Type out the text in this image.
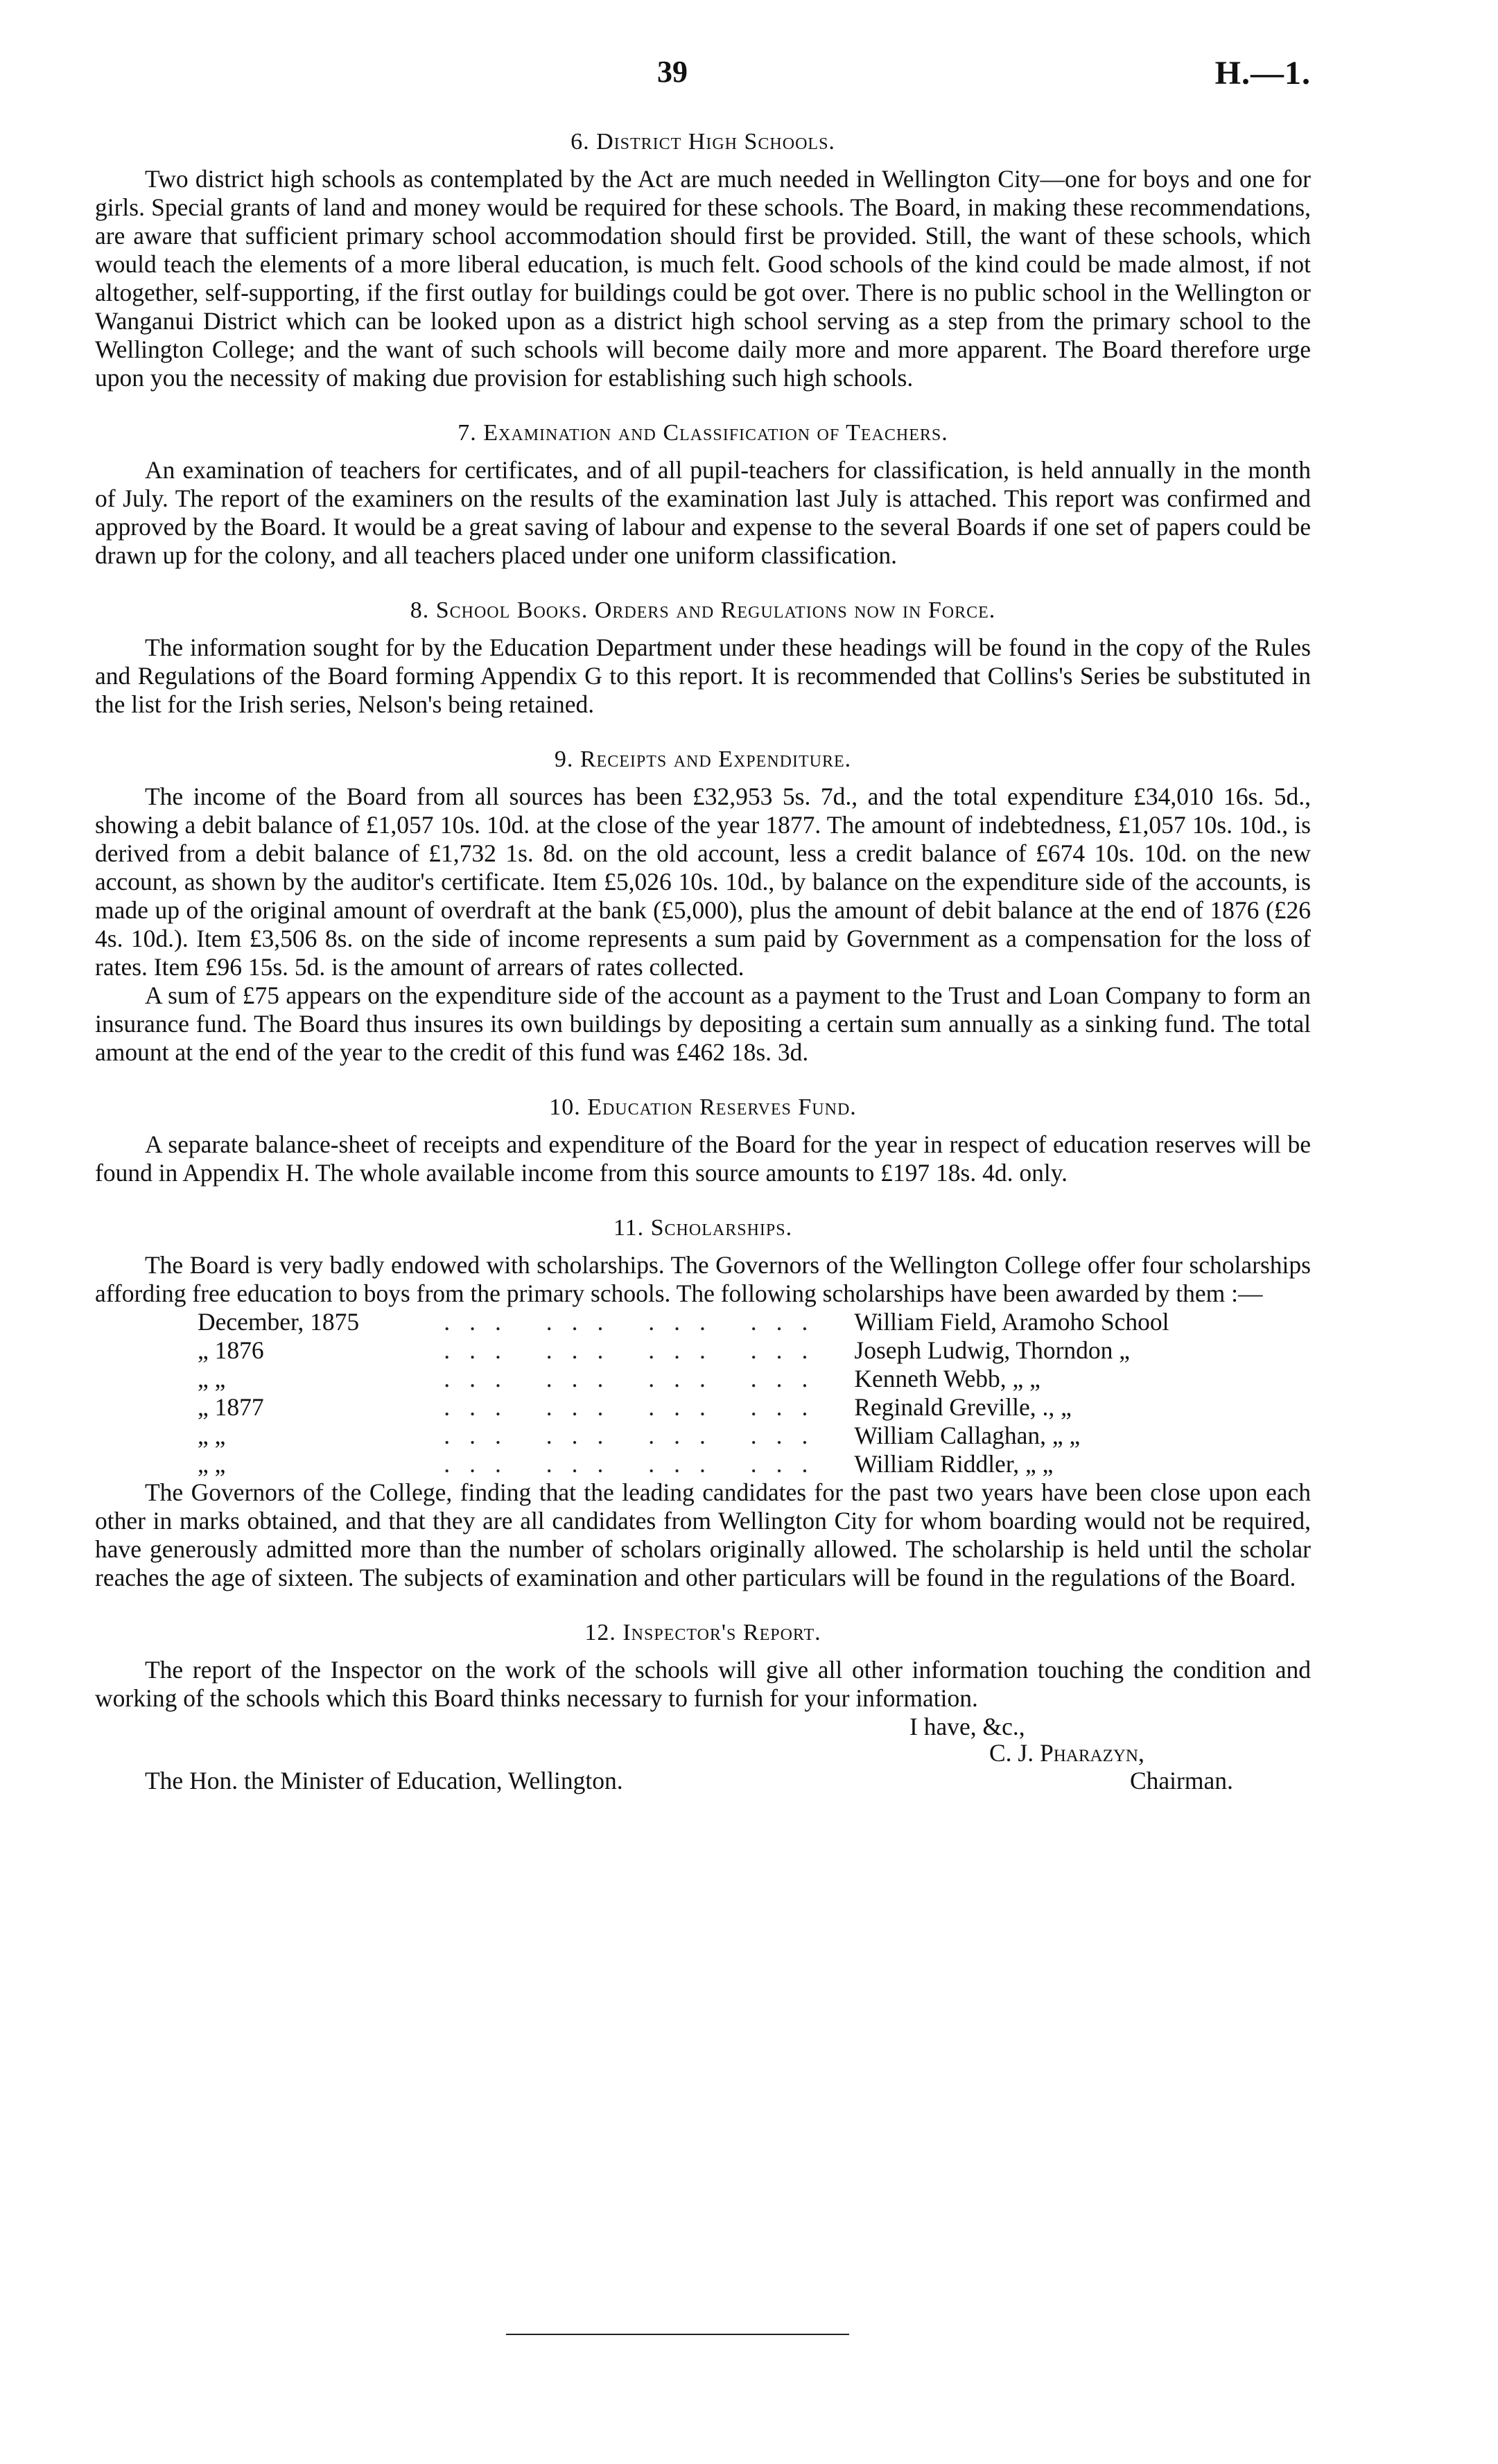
39	H.—1.
6. District High Schools.

Two district high schools as contemplated by the Act are much needed in Wellington City—one for boys and one for girls. Special grants of land and money would be required for these schools. The Board, in making these recommendations, are aware that sufficient primary school accommodation should first be provided. Still, the want of these schools, which would teach the elements of a more liberal education, is much felt. Good schools of the kind could be made almost, if not altogether, self-supporting, if the first outlay for buildings could be got over. There is no public school in the Wellington or Wanganui District which can be looked upon as a district high school serving as a step from the primary school to the Wellington College; and the want of such schools will become daily more and more apparent. The Board therefore urge upon you the necessity of making due provision for establishing such high schools.

7. Examination and Classification of Teachers.

An examination of teachers for certificates, and of all pupil-teachers for classification, is held annually in the month of July. The report of the examiners on the results of the examination last July is attached. This report was confirmed and approved by the Board. It would be a great saving of labour and expense to the several Boards if one set of papers could be drawn up for the colony, and all teachers placed under one uniform classification.

8. School Books. Orders and Regulations now in Force.

The information sought for by the Education Department under these headings will be found in the copy of the Rules and Regulations of the Board forming Appendix G to this report. It is recommended that Collins's Series be substituted in the list for the Irish series, Nelson's being retained.

9. Receipts and Expenditure.

The income of the Board from all sources has been £32,953 5s. 7d., and the total expenditure £34,010 16s. 5d., showing a debit balance of £1,057 10s. 10d. at the close of the year 1877. The amount of indebtedness, £1,057 10s. 10d., is derived from a debit balance of £1,732 1s. 8d. on the old account, less a credit balance of £674 10s. 10d. on the new account, as shown by the auditor's certificate. Item £5,026 10s. 10d., by balance on the expenditure side of the accounts, is made up of the original amount of overdraft at the bank (£5,000), plus the amount of debit balance at the end of 1876 (£26 4s. 10d.). Item £3,506 8s. on the side of income represents a sum paid by Government as a compensation for the loss of rates. Item £96 15s. 5d. is the amount of arrears of rates collected.

A sum of £75 appears on the expenditure side of the account as a payment to the Trust and Loan Company to form an insurance fund. The Board thus insures its own buildings by depositing a certain sum annually as a sinking fund. The total amount at the end of the year to the credit of this fund was £462 18s. 3d.

10. Education Reserves Fund.

A separate balance-sheet of receipts and expenditure of the Board for the year in respect of education reserves will be found in Appendix H. The whole available income from this source amounts to £197 18s. 4d. only.

11. Scholarships.

The Board is very badly endowed with scholarships. The Governors of the Wellington College offer four scholarships affording free education to boys from the primary schools. The following scholarships have been awarded by them :—

December, 1875	... ... ... ...	William Field, Aramoho School
„ 1876	... ... ... ...	Joseph Ludwig, Thorndon „
„ „	... ... ... ...	Kenneth Webb, „ „
„ 1877	... ... ... ...	Reginald Greville, ., „
„ „	... ... ... ...	William Callaghan, „ „
„ „	... ... ... ...	William Riddler, „ „

The Governors of the College, finding that the leading candidates for the past two years have been close upon each other in marks obtained, and that they are all candidates from Wellington City for whom boarding would not be required, have generously admitted more than the number of scholars originally allowed. The scholarship is held until the scholar reaches the age of sixteen. The subjects of examination and other particulars will be found in the regulations of the Board.

12. Inspector's Report.

The report of the Inspector on the work of the schools will give all other information touching the condition and working of the schools which this Board thinks necessary to furnish for your information.

I have, &c.,
C. J. Pharazyn,
Chairman.
The Hon. the Minister of Education, Wellington.
